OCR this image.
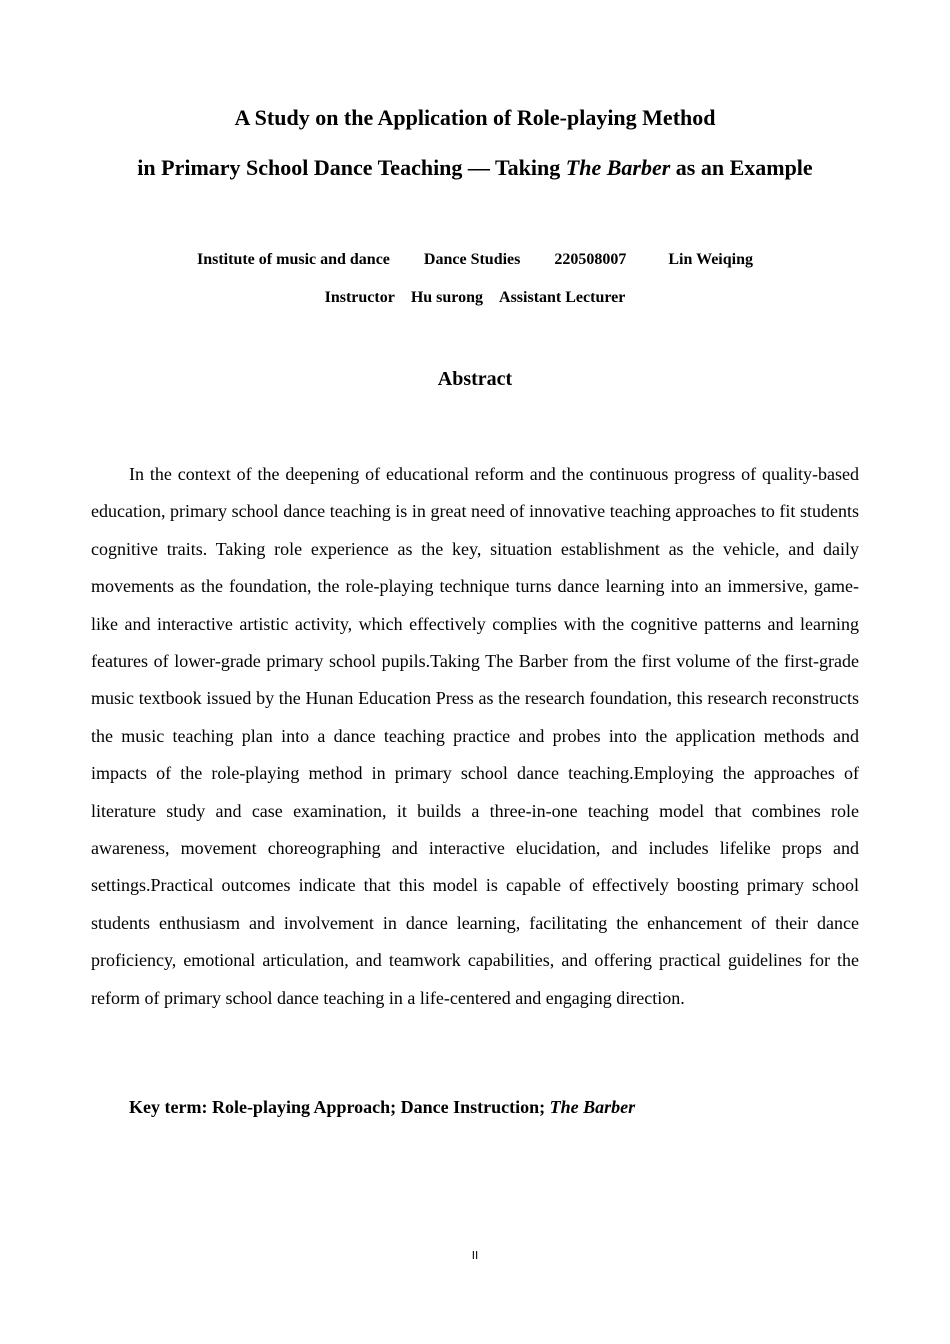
A Study on the Application of Role-playing Method
in Primary School Dance Teaching — Taking The Barber as an Example
Institute of music and dance Dance Studies 220508007	Lin Weiqing
Instructor Hu surong Assistant Lecturer
Abstract

In the context of the deepening of educational reform and the continuous progress of quality-based education, primary school dance teaching is in great need of innovative teaching approaches to fit students cognitive traits. Taking role experience as the key, situation establishment as the vehicle, and daily movements as the foundation, the role-playing technique turns dance learning into an immersive, game-like and interactive artistic activity, which effectively complies with the cognitive patterns and learning features of lower-grade primary school pupils.Taking The Barber from the first volume of the first-grade music textbook issued by the Hunan Education Press as the research foundation, this research reconstructs the music teaching plan into a dance teaching practice and probes into the application methods and impacts of the role-playing method in primary school dance teaching.Employing the approaches of literature study and case examination, it builds a three-in-one teaching model that combines role awareness, movement choreographing and interactive elucidation, and includes lifelike props and settings.Practical outcomes indicate that this model is capable of effectively boosting primary school students enthusiasm and involvement in dance learning, facilitating the enhancement of their dance proficiency, emotional articulation, and teamwork capabilities, and offering practical guidelines for the reform of primary school dance teaching in a life-centered and engaging direction.

Key term: Role-playing Approach; Dance Instruction; The Barber
II
